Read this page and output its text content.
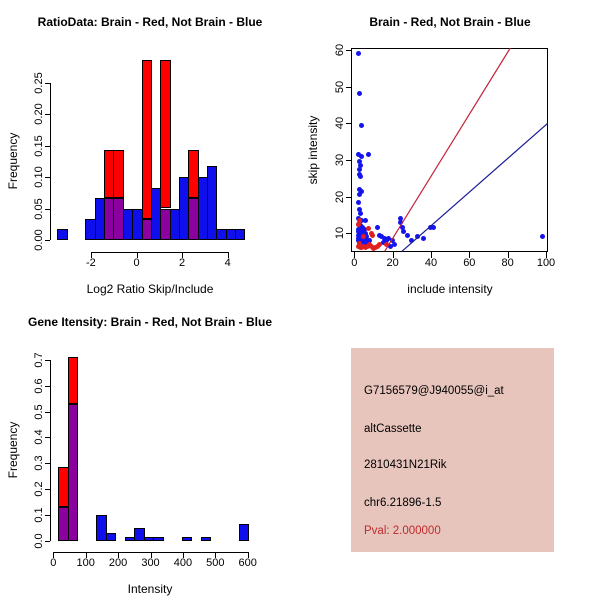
RatioData: Brain - Red, Not Brain - Blue
Frequency
Log2 Ratio Skip/Include
0.00
0.05
0.10
0.15
0.20
0.25
-2	0	2	4
Brain - Red, Not Brain - Blue
skip intensity
include intensity
0	20 40 60 80 100
10
20
30
40
50
60
Gene Itensity: Brain - Red, Not Brain - Blue
Frequency
Intensity
0.0
0.1
0.2
0.3
0.4
0.5
0.6
0.7
0 100 200 300 400 500 600
G7156579@J940055@i_at
altCassette
2810431N21Rik
chr6.21896-1.5
Pval: 2.000000
